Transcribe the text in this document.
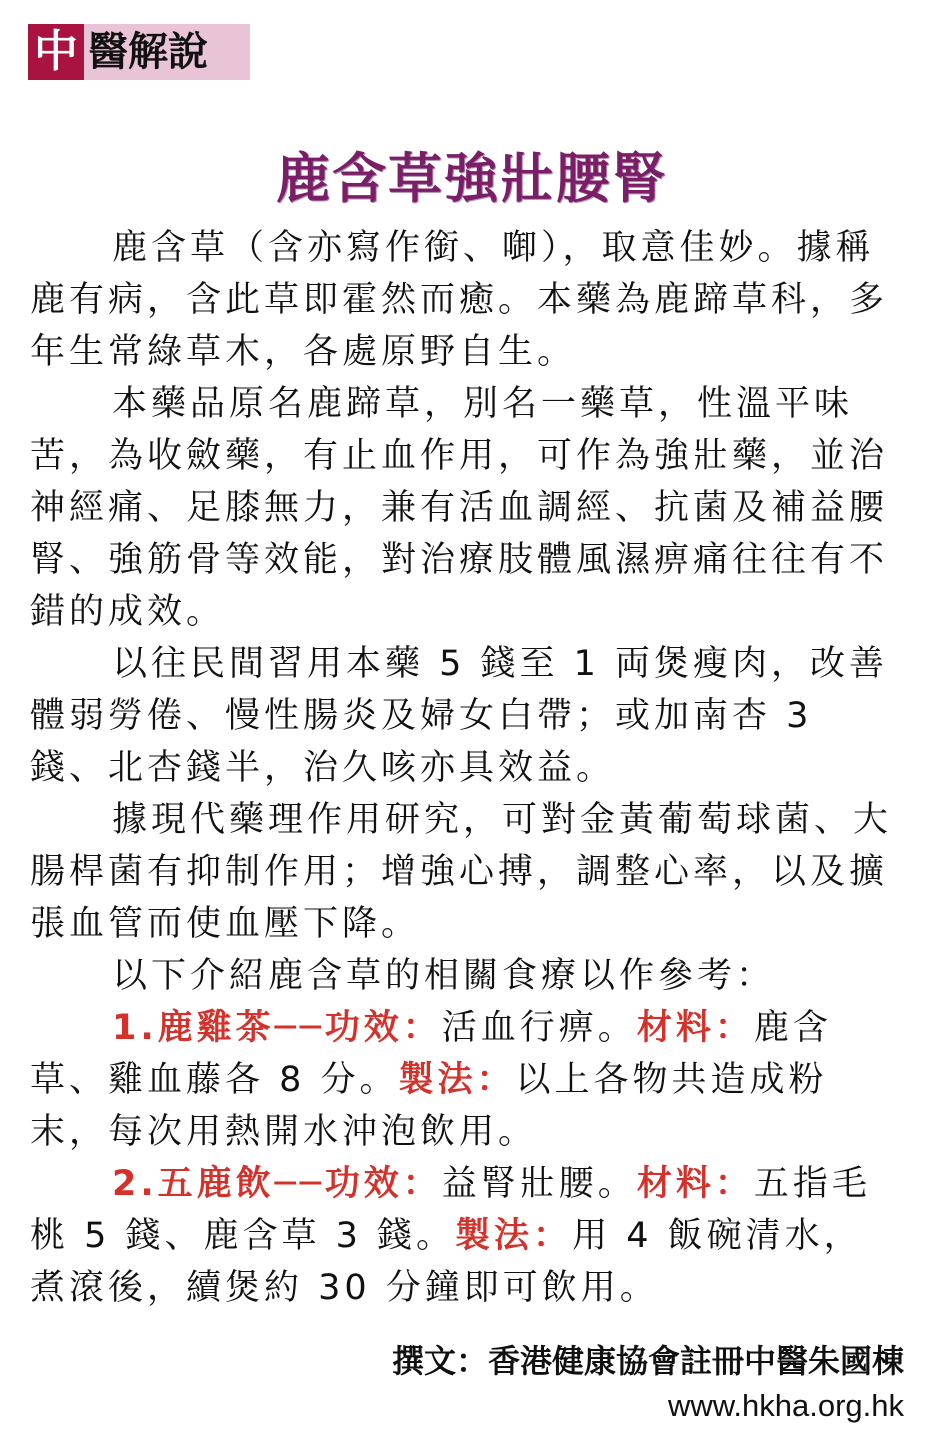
中 醫解說
鹿含草強壯腰腎

鹿含草（含亦寫作銜、啣），取意佳妙。據稱鹿有病，含此草即霍然而癒。本藥為鹿蹄草科，多年生常綠草木，各處原野自生。

本藥品原名鹿蹄草，別名一藥草，性溫平味苦，為收斂藥，有止血作用，可作為強壯藥，並治神經痛、足膝無力，兼有活血調經、抗菌及補益腰腎、強筋骨等效能，對治療肢體風濕痹痛往往有不錯的成效。

以往民間習用本藥 5 錢至 1 両煲瘦肉，改善體弱勞倦、慢性腸炎及婦女白帶；或加南杏 3 錢、北杏錢半，治久咳亦具效益。

據現代藥理作用研究，可對金黃葡萄球菌、大腸桿菌有抑制作用；增強心搏，調整心率，以及擴張血管而使血壓下降。

以下介紹鹿含草的相關食療以作參考：

1.鹿雞茶──功效：活血行痹。材料：鹿含草、雞血藤各 8 分。製法：以上各物共造成粉末，每次用熱開水沖泡飲用。

2.五鹿飲──功效：益腎壯腰。材料：五指毛桃 5 錢、鹿含草 3 錢。製法：用 4 飯碗清水，煮滾後，續煲約 30 分鐘即可飲用。

撰文：香港健康協會註冊中醫朱國棟
www.hkha.org.hk
